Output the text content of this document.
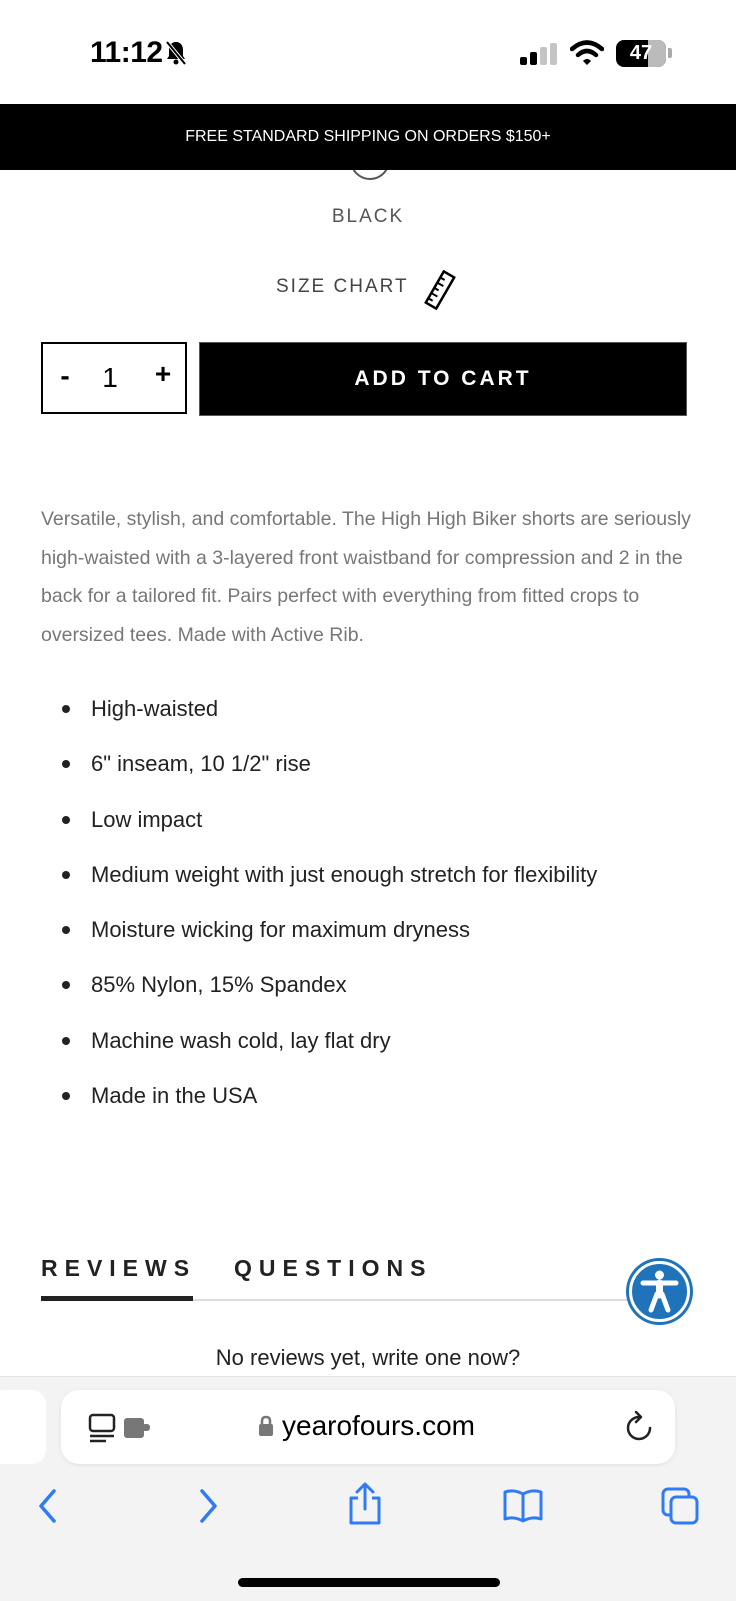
11:12	47
FREE STANDARD SHIPPING ON ORDERS $150+
BLACK
SIZE CHART
- 1 +	ADD TO CART
Versatile, stylish, and comfortable. The High High Biker shorts are seriously high-waisted with a 3-layered front waistband for compression and 2 in the back for a tailored fit. Pairs perfect with everything from fitted crops to oversized tees. Made with Active Rib.
High-waisted
6" inseam, 10 1/2" rise
Low impact
Medium weight with just enough stretch for flexibility
Moisture wicking for maximum dryness
85% Nylon, 15% Spandex
Machine wash cold, lay flat dry
Made in the USA
REVIEWS QUESTIONS
No reviews yet, write one now?
yearofours.com
